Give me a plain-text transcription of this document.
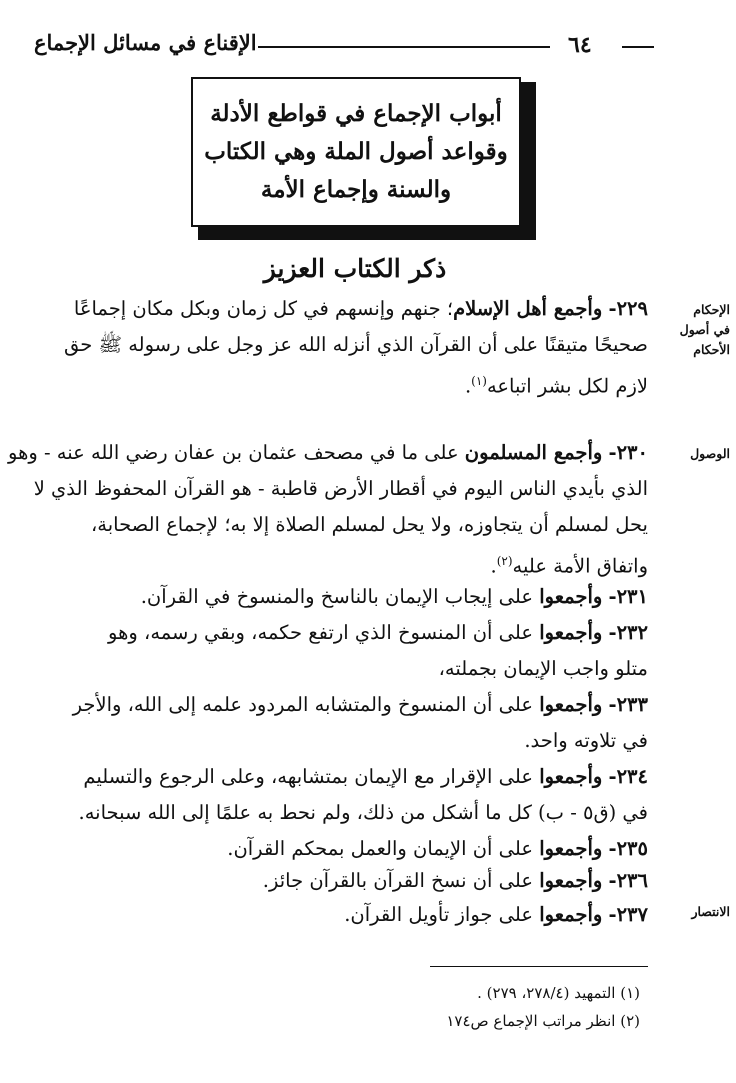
٦٤
الإقناع في مسائل الإجماع
أبواب الإجماع في قواطع الأدلة
وقواعد أصول الملة وهي الكتاب
والسنة وإجماع الأمة
ذكر الكتاب العزيز
الإحكام
في أصول
الأحكام
الوصول
الانتصار
٢٢٩- وأجمع أهل الإسلام؛ جنهم وإنسهم في كل زمان وبكل مكان إجماعًا
صحيحًا متيقنًا على أن القرآن الذي أنزله الله عز وجل على رسوله ﷺ حق
لازم لكل بشر اتباعه$^{(١)}$.
٢٣٠- وأجمع المسلمون على ما في مصحف عثمان بن عفان رضي الله عنه - وهو
الذي بأيدي الناس اليوم في أقطار الأرض قاطبة - هو القرآن المحفوظ الذي لا
يحل لمسلم أن يتجاوزه، ولا يحل لمسلم الصلاة إلا به؛ لإجماع الصحابة،
واتفاق الأمة عليه$^{(٢)}$.
٢٣١- وأجمعوا على إيجاب الإيمان بالناسخ والمنسوخ في القرآن.
٢٣٢- وأجمعوا على أن المنسوخ الذي ارتفع حكمه، وبقي رسمه، وهو
متلو واجب الإيمان بجملته،
٢٣٣- وأجمعوا على أن المنسوخ والمتشابه المردود علمه إلى الله، والأجر
في تلاوته واحد.
٢٣٤- وأجمعوا على الإقرار مع الإيمان بمتشابهه، وعلى الرجوع والتسليم
في (ق٥ - ب) كل ما أشكل من ذلك، ولم نحط به علمًا إلى الله سبحانه.
٢٣٥- وأجمعوا على أن الإيمان والعمل بمحكم القرآن.
٢٣٦- وأجمعوا على أن نسخ القرآن بالقرآن جائز.
٢٣٧- وأجمعوا على جواز تأويل القرآن.
(١) التمهيد (٢٧٨/٤، ٢٧٩) .
(٢) انظر مراتب الإجماع ص١٧٤
